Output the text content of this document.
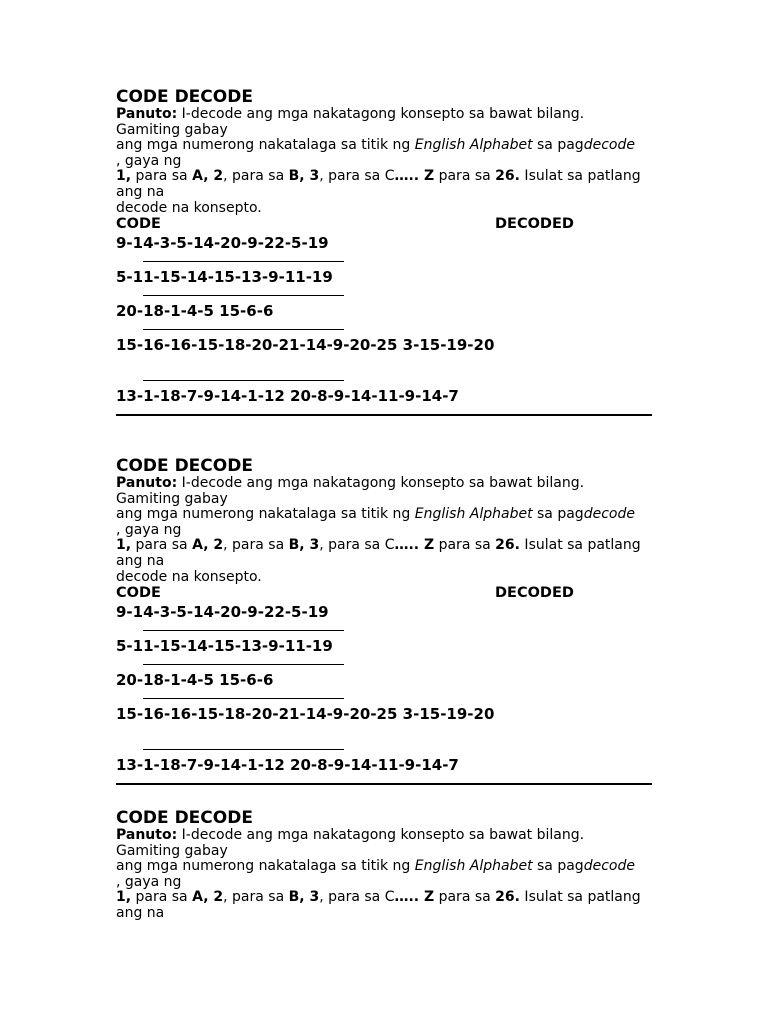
CODE DECODE
Panuto: I-decode ang mga nakatagong konsepto sa bawat bilang.
Gamiting gabay
ang mga numerong nakatalaga sa titik ng English Alphabet sa pagdecode
, gaya ng
1, para sa A, 2, para sa B, 3, para sa C….. Z para sa 26. Isulat sa patlang
ang na
decode na konsepto.
CODE	DECODED
9-14-3-5-14-20-9-22-5-19
5-11-15-14-15-13-9-11-19
20-18-1-4-5 15-6-6
15-16-16-15-18-20-21-14-9-20-25 3-15-19-20
13-1-18-7-9-14-1-12 20-8-9-14-11-9-14-7
CODE DECODE
Panuto: I-decode ang mga nakatagong konsepto sa bawat bilang.
Gamiting gabay
ang mga numerong nakatalaga sa titik ng English Alphabet sa pagdecode
, gaya ng
1, para sa A, 2, para sa B, 3, para sa C….. Z para sa 26. Isulat sa patlang
ang na
decode na konsepto.
CODE	DECODED
9-14-3-5-14-20-9-22-5-19
5-11-15-14-15-13-9-11-19
20-18-1-4-5 15-6-6
15-16-16-15-18-20-21-14-9-20-25 3-15-19-20
13-1-18-7-9-14-1-12 20-8-9-14-11-9-14-7
CODE DECODE
Panuto: I-decode ang mga nakatagong konsepto sa bawat bilang.
Gamiting gabay
ang mga numerong nakatalaga sa titik ng English Alphabet sa pagdecode
, gaya ng
1, para sa A, 2, para sa B, 3, para sa C….. Z para sa 26. Isulat sa patlang
ang na
